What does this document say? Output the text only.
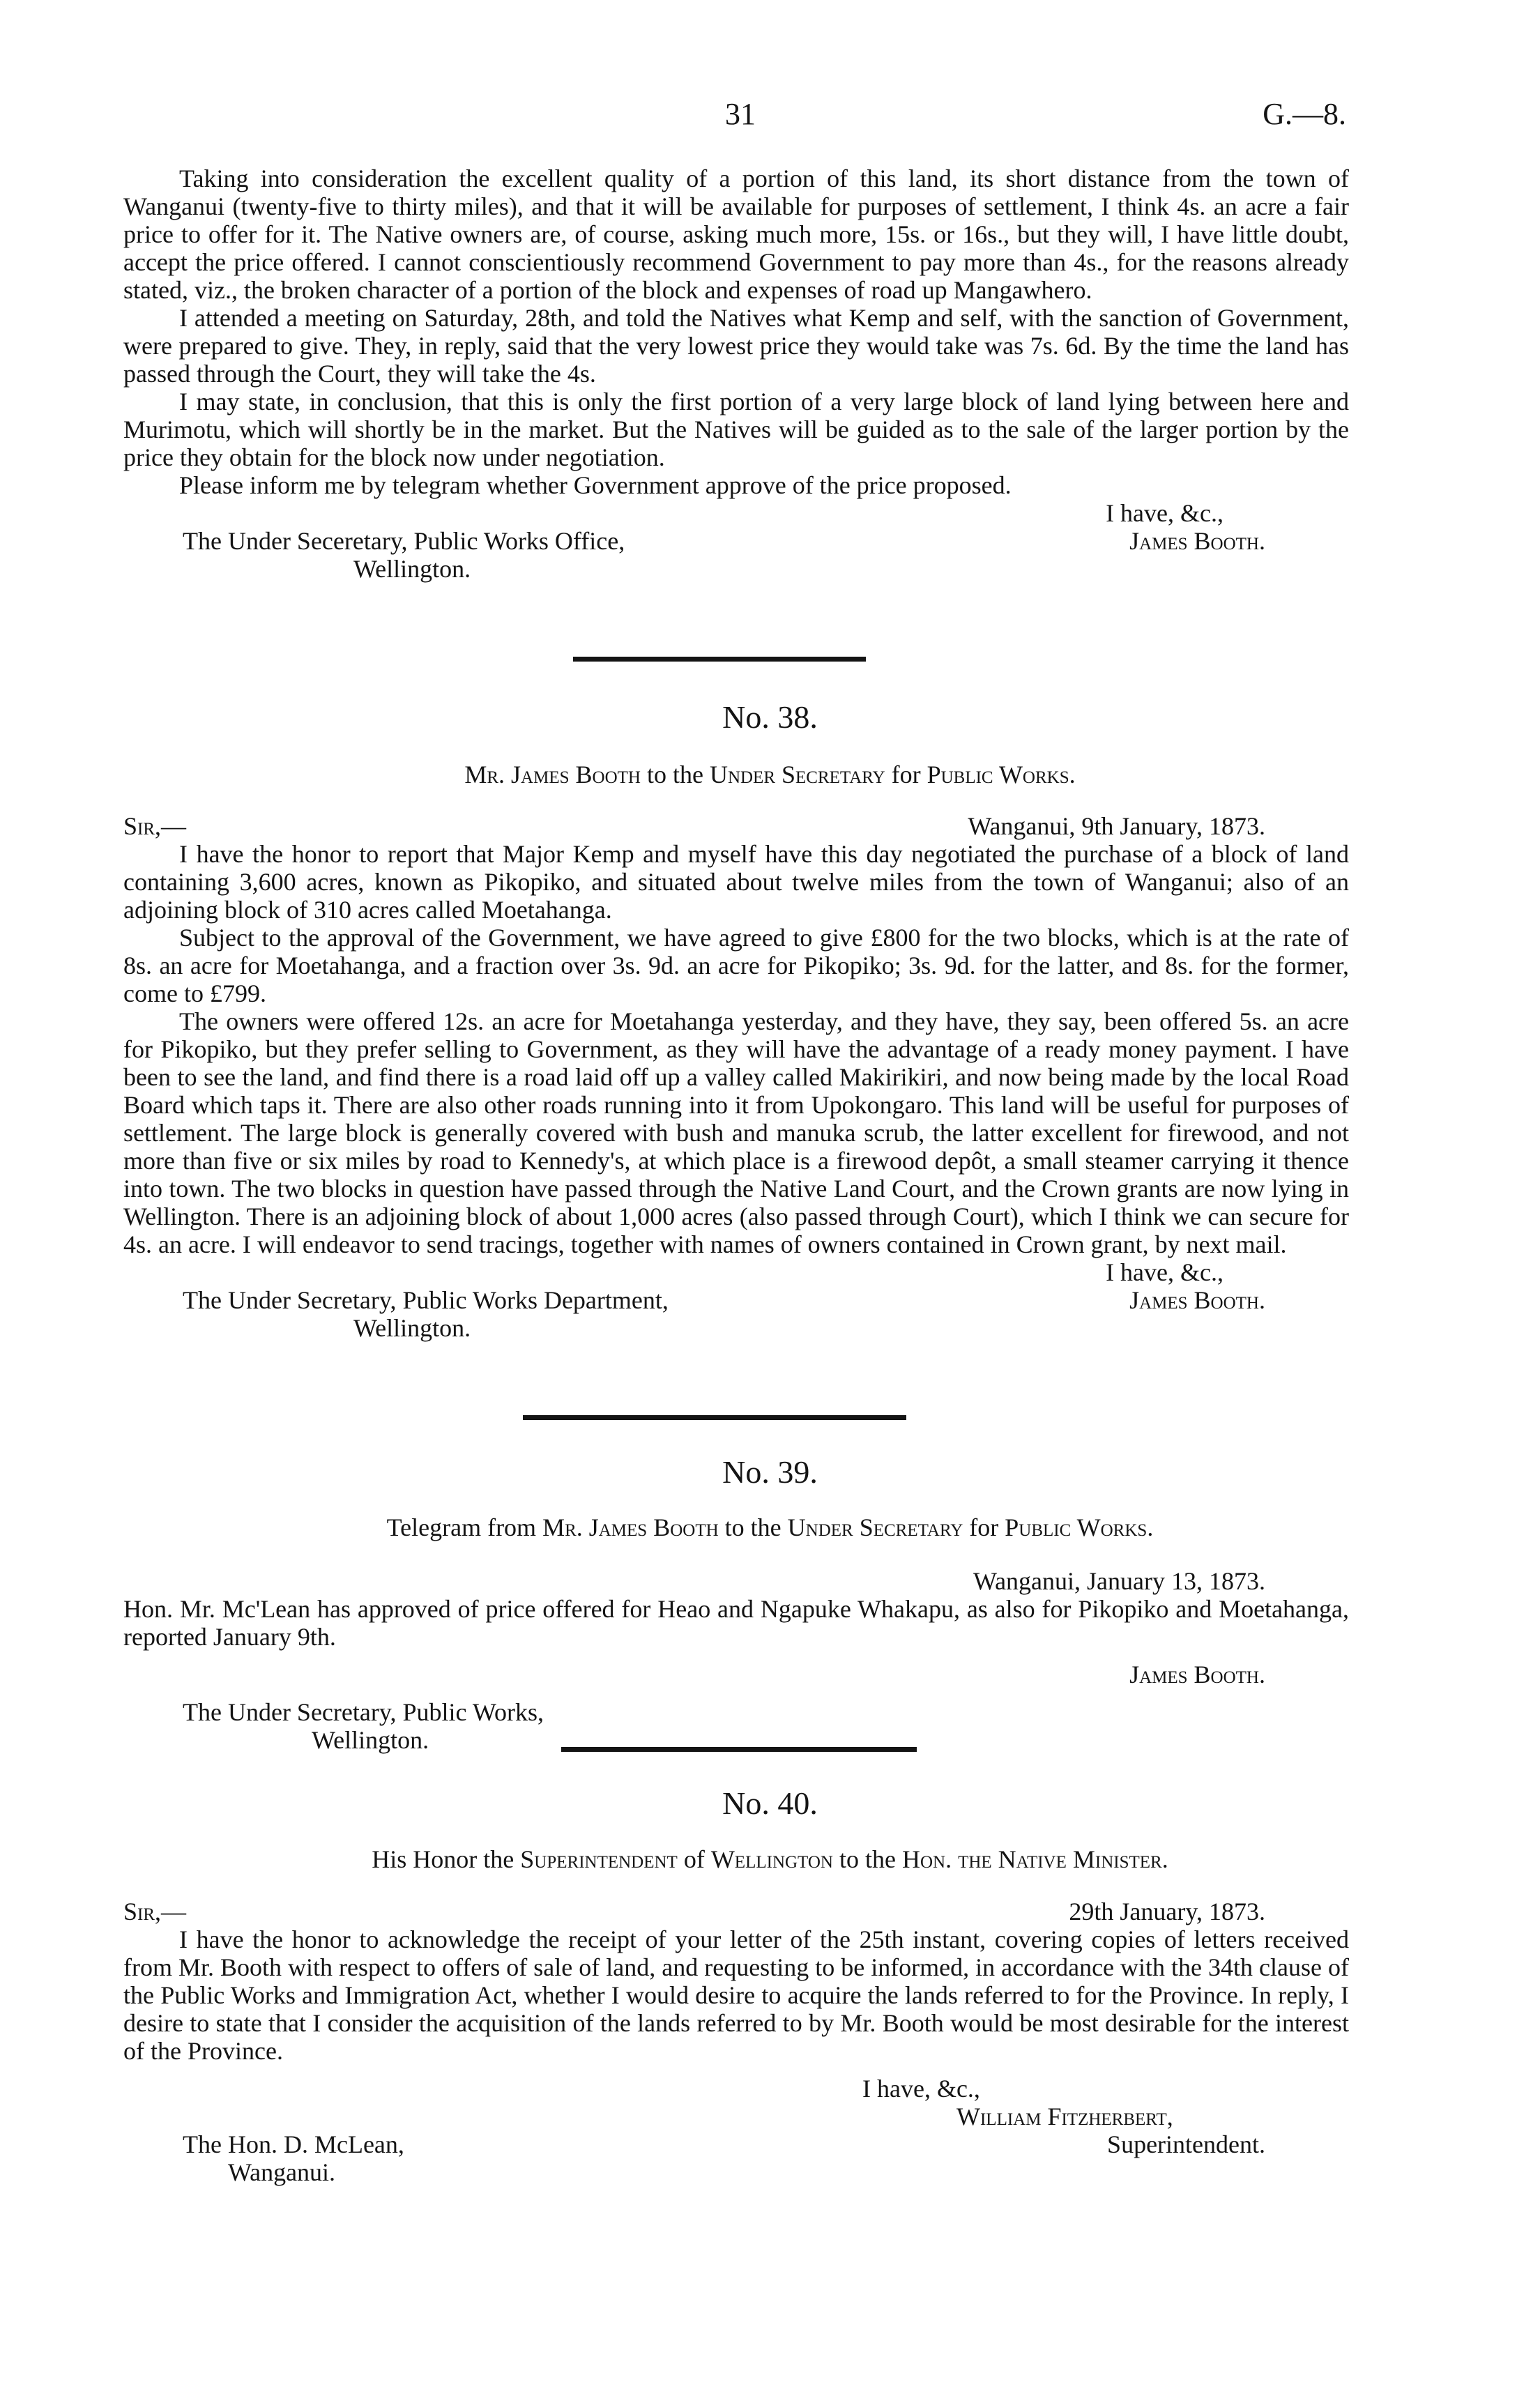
31	G.—8.

Taking into consideration the excellent quality of a portion of this land, its short distance from the town of Wanganui (twenty-five to thirty miles), and that it will be available for purposes of settlement, I think 4s. an acre a fair price to offer for it. The Native owners are, of course, asking much more, 15s. or 16s., but they will, I have little doubt, accept the price offered. I cannot conscientiously recommend Government to pay more than 4s., for the reasons already stated, viz., the broken character of a portion of the block and expenses of road up Mangawhero.

I attended a meeting on Saturday, 28th, and told the Natives what Kemp and self, with the sanction of Government, were prepared to give. They, in reply, said that the very lowest price they would take was 7s. 6d. By the time the land has passed through the Court, they will take the 4s.

I may state, in conclusion, that this is only the first portion of a very large block of land lying between here and Murimotu, which will shortly be in the market. But the Natives will be guided as to the sale of the larger portion by the price they obtain for the block now under negotiation.

Please inform me by telegram whether Government approve of the price proposed.

I have, &c.,
The Under Seceretary, Public Works Office,	James Booth.
Wellington.
No. 38.

Mr. James Booth to the Under Secretary for Public Works.

Sir,—	Wanganui, 9th January, 1873.

I have the honor to report that Major Kemp and myself have this day negotiated the purchase of a block of land containing 3,600 acres, known as Pikopiko, and situated about twelve miles from the town of Wanganui; also of an adjoining block of 310 acres called Moetahanga.

Subject to the approval of the Government, we have agreed to give £800 for the two blocks, which is at the rate of 8s. an acre for Moetahanga, and a fraction over 3s. 9d. an acre for Pikopiko; 3s. 9d. for the latter, and 8s. for the former, come to £799.

The owners were offered 12s. an acre for Moetahanga yesterday, and they have, they say, been offered 5s. an acre for Pikopiko, but they prefer selling to Government, as they will have the advantage of a ready money payment. I have been to see the land, and find there is a road laid off up a valley called Makirikiri, and now being made by the local Road Board which taps it. There are also other roads running into it from Upokongaro. This land will be useful for purposes of settlement. The large block is generally covered with bush and manuka scrub, the latter excellent for firewood, and not more than five or six miles by road to Kennedy's, at which place is a firewood depôt, a small steamer carrying it thence into town. The two blocks in question have passed through the Native Land Court, and the Crown grants are now lying in Wellington. There is an adjoining block of about 1,000 acres (also passed through Court), which I think we can secure for 4s. an acre. I will endeavor to send tracings, together with names of owners contained in Crown grant, by next mail.

I have, &c.,
The Under Secretary, Public Works Department,	James Booth.
Wellington.
No. 39.

Telegram from Mr. James Booth to the Under Secretary for Public Works.

Wanganui, January 13, 1873.

Hon. Mr. Mc'Lean has approved of price offered for Heao and Ngapuke Whakapu, as also for Pikopiko and Moetahanga, reported January 9th.

James Booth.
The Under Secretary, Public Works,
Wellington.
No. 40.

His Honor the Superintendent of Wellington to the Hon. the Native Minister.

Sir,—	29th January, 1873.

I have the honor to acknowledge the receipt of your letter of the 25th instant, covering copies of letters received from Mr. Booth with respect to offers of sale of land, and requesting to be informed, in accordance with the 34th clause of the Public Works and Immigration Act, whether I would desire to acquire the lands referred to for the Province. In reply, I desire to state that I consider the acquisition of the lands referred to by Mr. Booth would be most desirable for the interest of the Province.

I have, &c.,
William Fitzherbert,
The Hon. D. McLean,	Superintendent.
Wanganui.
